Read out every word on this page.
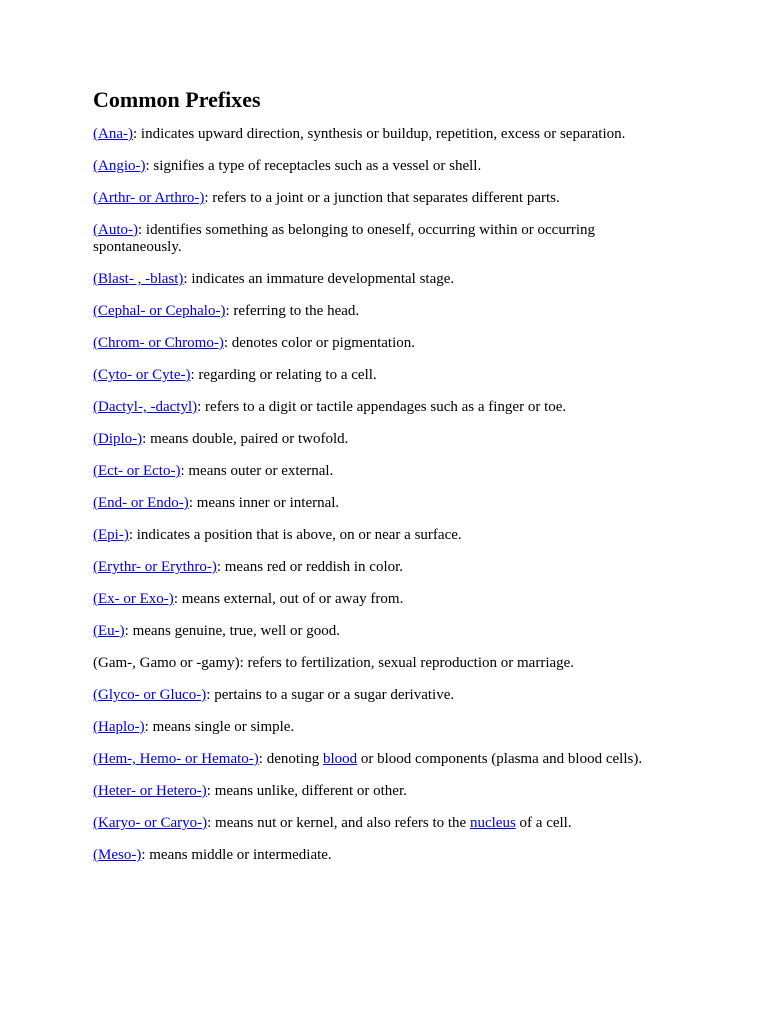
Common Prefixes

(Ana-): indicates upward direction, synthesis or buildup, repetition, excess or separation.

(Angio-): signifies a type of receptacles such as a vessel or shell.

(Arthr- or Arthro-): refers to a joint or a junction that separates different parts.

(Auto-): identifies something as belonging to oneself, occurring within or occurring spontaneously.

(Blast- , -blast): indicates an immature developmental stage.

(Cephal- or Cephalo-): referring to the head.

(Chrom- or Chromo-): denotes color or pigmentation.

(Cyto- or Cyte-): regarding or relating to a cell.

(Dactyl-, -dactyl): refers to a digit or tactile appendages such as a finger or toe.

(Diplo-): means double, paired or twofold.

(Ect- or Ecto-): means outer or external.

(End- or Endo-): means inner or internal.

(Epi-): indicates a position that is above, on or near a surface.

(Erythr- or Erythro-): means red or reddish in color.

(Ex- or Exo-): means external, out of or away from.

(Eu-): means genuine, true, well or good.

(Gam-, Gamo or -gamy): refers to fertilization, sexual reproduction or marriage.

(Glyco- or Gluco-): pertains to a sugar or a sugar derivative.

(Haplo-): means single or simple.

(Hem-, Hemo- or Hemato-): denoting blood or blood components (plasma and blood cells).

(Heter- or Hetero-): means unlike, different or other.

(Karyo- or Caryo-): means nut or kernel, and also refers to the nucleus of a cell.

(Meso-): means middle or intermediate.
